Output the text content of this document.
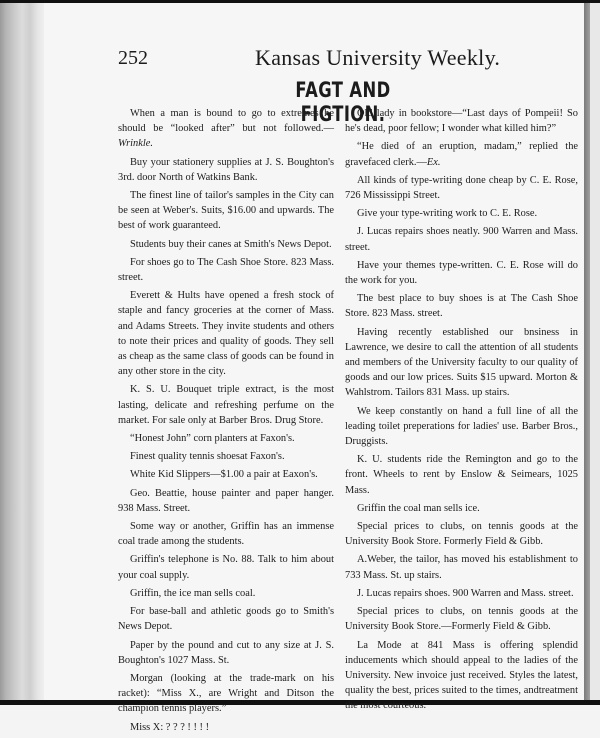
252	Kansas University Weekly.
FAGT AND FIGTION.

When a man is bound to go to extremes he should be “looked after” but not followed.—Wrinkle.

Buy your stationery supplies at J. S. Boughton's 3rd. door North of Watkins Bank.

The finest line of tailor's samples in the City can be seen at Weber's. Suits, $16.00 and upwards. The best of work guaranteed.

Students buy their canes at Smith's News Depot.

For shoes go to The Cash Shoe Store. 823 Mass. street.

Everett & Hults have opened a fresh stock of staple and fancy groceries at the corner of Mass. and Adams Streets. They invite students and others to note their prices and quality of goods. They sell as cheap as the same class of goods can be found in any other store in the city.

K. S. U. Bouquet triple extract, is the most lasting, delicate and refreshing perfume on the market. For sale only at Barber Bros. Drug Store.

“Honest John” corn planters at Faxon's.

Finest quality tennis shoesat Faxon's.

White Kid Slippers—$1.00 a pair at Eaxon's.

Geo. Beattie, house painter and paper hanger. 938 Mass. Street.

Some way or another, Griffin has an immense coal trade among the students.

Griffin's telephone is No. 88. Talk to him about your coal supply.

Griffin, the ice man sells coal.

For base-ball and athletic goods go to Smith's News Depot.

Paper by the pound and cut to any size at J. S. Boughton's 1027 Mass. St.

Morgan (looking at the trade-mark on his racket): “Miss X., are Wright and Ditson the champion tennis players.”

Miss X: ? ? ? ! ! ! !

Old lady in bookstore—“Last days of Pompeii! So he's dead, poor fellow; I wonder what killed him?”

“He died of an eruption, madam,” replied the gravefaced clerk.—Ex.

All kinds of type-writing done cheap by C. E. Rose, 726 Mississippi Street.

Give your type-writing work to C. E. Rose.

J. Lucas repairs shoes neatly. 900 Warren and Mass. street.

Have your themes type-written. C. E. Rose will do the work for you.

The best place to buy shoes is at The Cash Shoe Store. 823 Mass. street.

Having recently established our bnsiness in Lawrence, we desire to call the attention of all students and members of the University faculty to our quality of goods and our low prices. Suits $15 upward. Morton & Wahlstrom. Tailors 831 Mass. up stairs.

We keep constantly on hand a full line of all the leading toilet preperations for ladies' use. Barber Bros., Druggists.

K. U. students ride the Remington and go to the front. Wheels to rent by Enslow & Seimears, 1025 Mass.

Griffin the coal man sells ice.

Special prices to clubs, on tennis goods at the University Book Store. Formerly Field & Gibb.

A.Weber, the tailor, has moved his establishment to 733 Mass. St. up stairs.

J. Lucas repairs shoes. 900 Warren and Mass. street.

Special prices to clubs, on tennis goods at the University Book Store.—Formerly Field & Gibb.

La Mode at 841 Mass is offering splendid inducements which should appeal to the ladies of the University. New invoice just received. Styles the latest, quality the best, prices suited to the times, andtreatment the most courteous.
